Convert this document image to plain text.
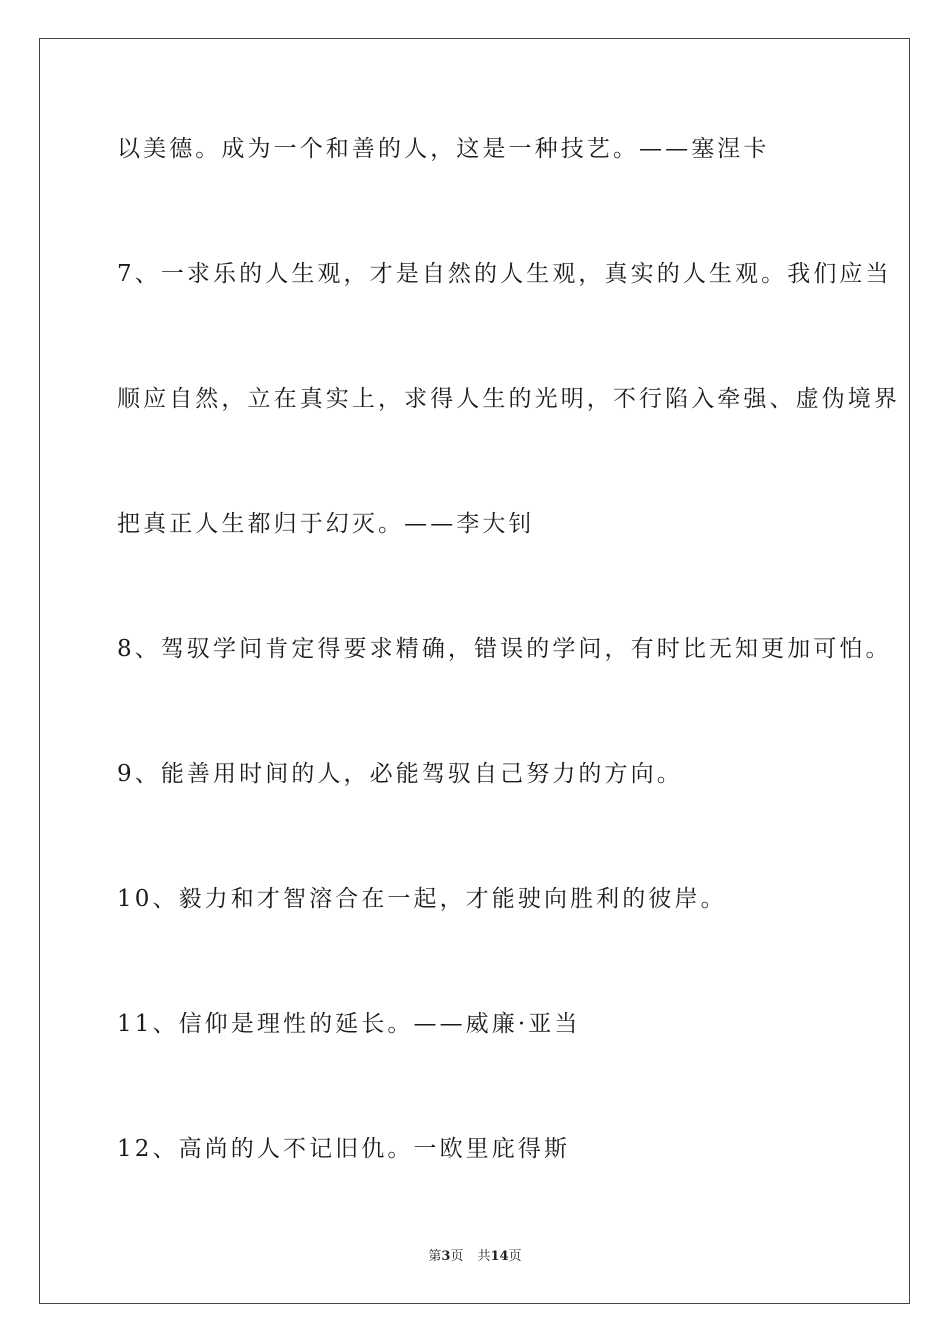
以美德。成为一个和善的人，这是一种技艺。——塞涅卡
7、一求乐的人生观，才是自然的人生观，真实的人生观。我们应当
顺应自然，立在真实上，求得人生的光明，不行陷入牵强、虚伪境界
把真正人生都归于幻灭。——李大钊
8、驾驭学问肯定得要求精确，错误的学问，有时比无知更加可怕。
9、能善用时间的人，必能驾驭自己努力的方向。
10、毅力和才智溶合在一起，才能驶向胜利的彼岸。
11、信仰是理性的延长。——威廉·亚当
12、高尚的人不记旧仇。一欧里庇得斯
第3页 共14页
